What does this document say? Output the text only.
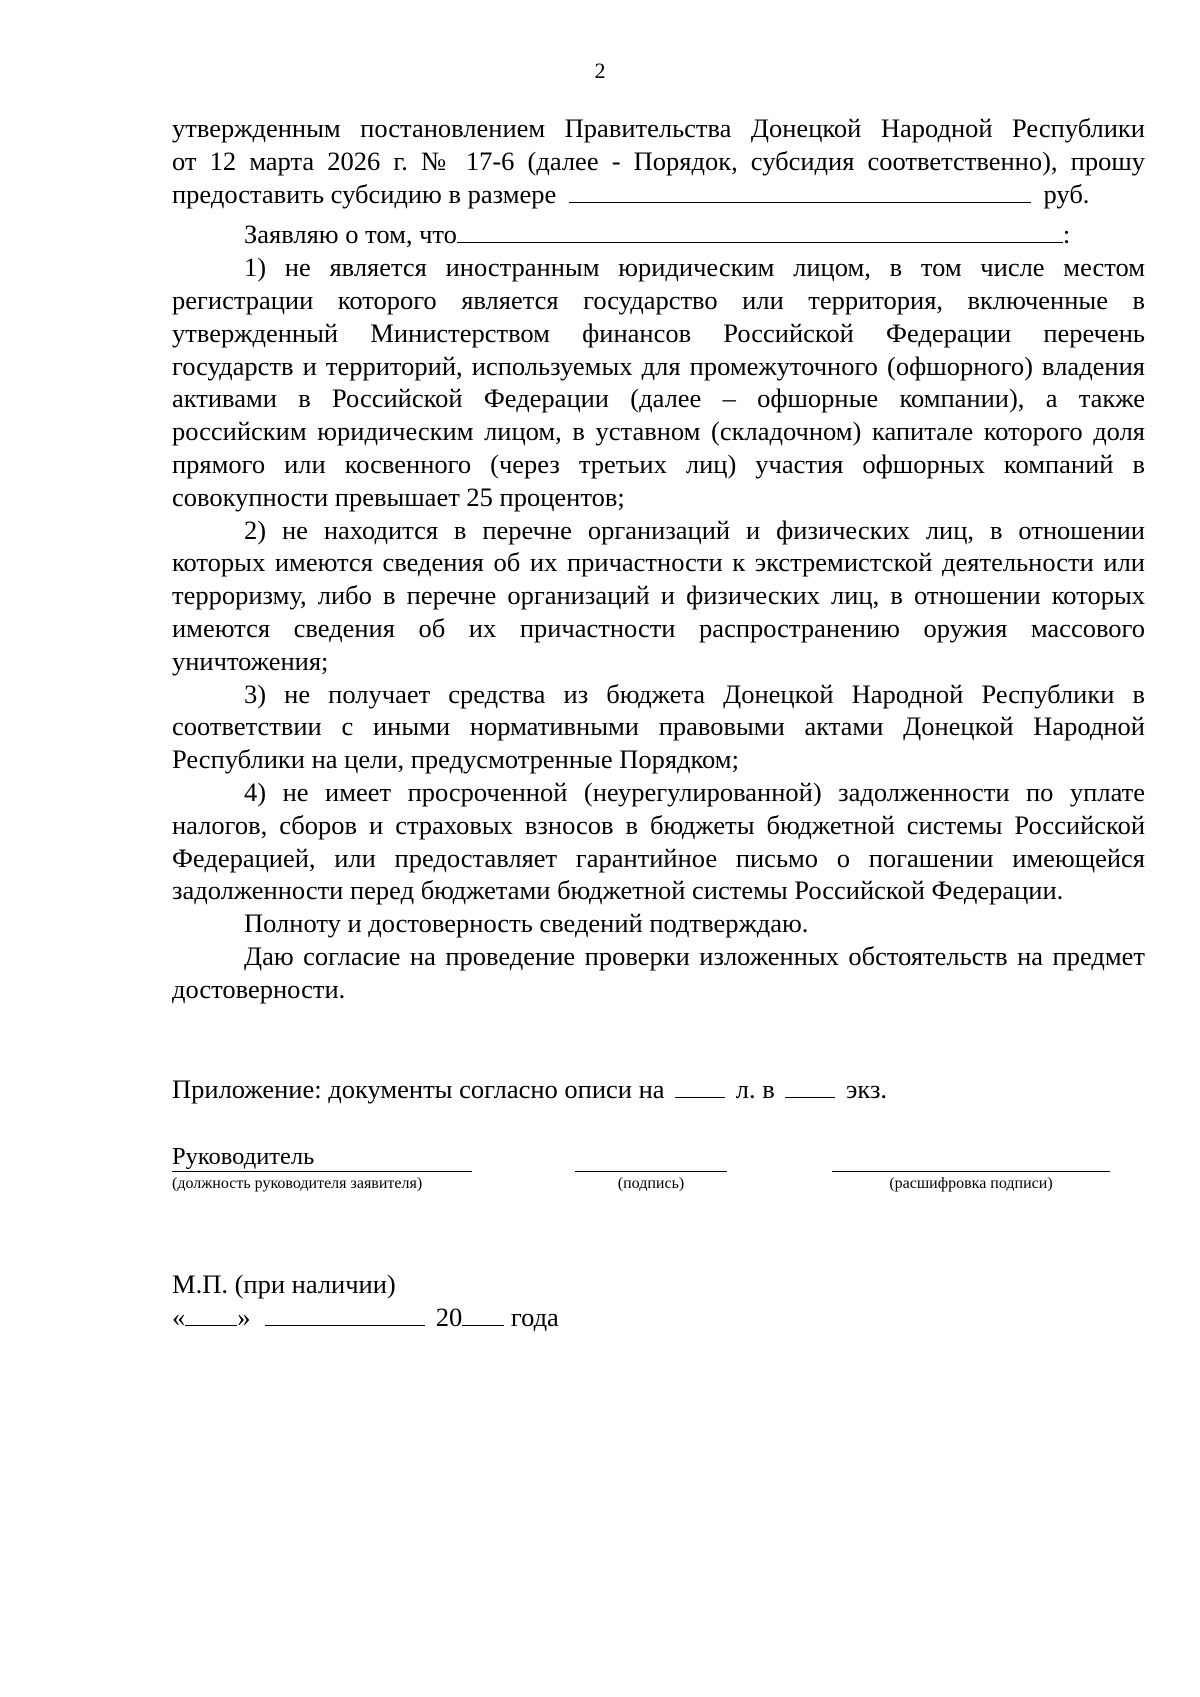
2

утвержденным постановлением Правительства Донецкой Народной Республики

от 12 марта 2026 г. № 17-6 (далее - Порядок, субсидия соответственно), прошу

предоставить субсидию в размере	руб.

Заявляю о том, что	:

1) не является иностранным юридическим лицом, в том числе местом регистрации которого является государство или территория, включенные в утвержденный Министерством финансов Российской Федерации перечень государств и территорий, используемых для промежуточного (офшорного) владения активами в Российской Федерации (далее – офшорные компании), а также российским юридическим лицом, в уставном (складочном) капитале которого доля прямого или косвенного (через третьих лиц) участия офшорных компаний в совокупности превышает 25 процентов;

2) не находится в перечне организаций и физических лиц, в отношении которых имеются сведения об их причастности к экстремистской деятельности или терроризму, либо в перечне организаций и физических лиц, в отношении которых имеются сведения об их причастности распространению оружия массового уничтожения;

3) не получает средства из бюджета Донецкой Народной Республики в соответствии с иными нормативными правовыми актами Донецкой Народной Республики на цели, предусмотренные Порядком;

4) не имеет просроченной (неурегулированной) задолженности по уплате налогов, сборов и страховых взносов в бюджеты бюджетной системы Российской Федерацией, или предоставляет гарантийное письмо о погашении имеющейся задолженности перед бюджетами бюджетной системы Российской Федерации.

Полноту и достоверность сведений подтверждаю.

Даю согласие на проведение проверки изложенных обстоятельств на предмет достоверности.

Приложение: документы согласно описи на	л. в	экз.
Руководитель
(должность руководителя заявителя)	(подпись)	(расшифровка подписи)
М.П. (при наличии)
« »	20 года
